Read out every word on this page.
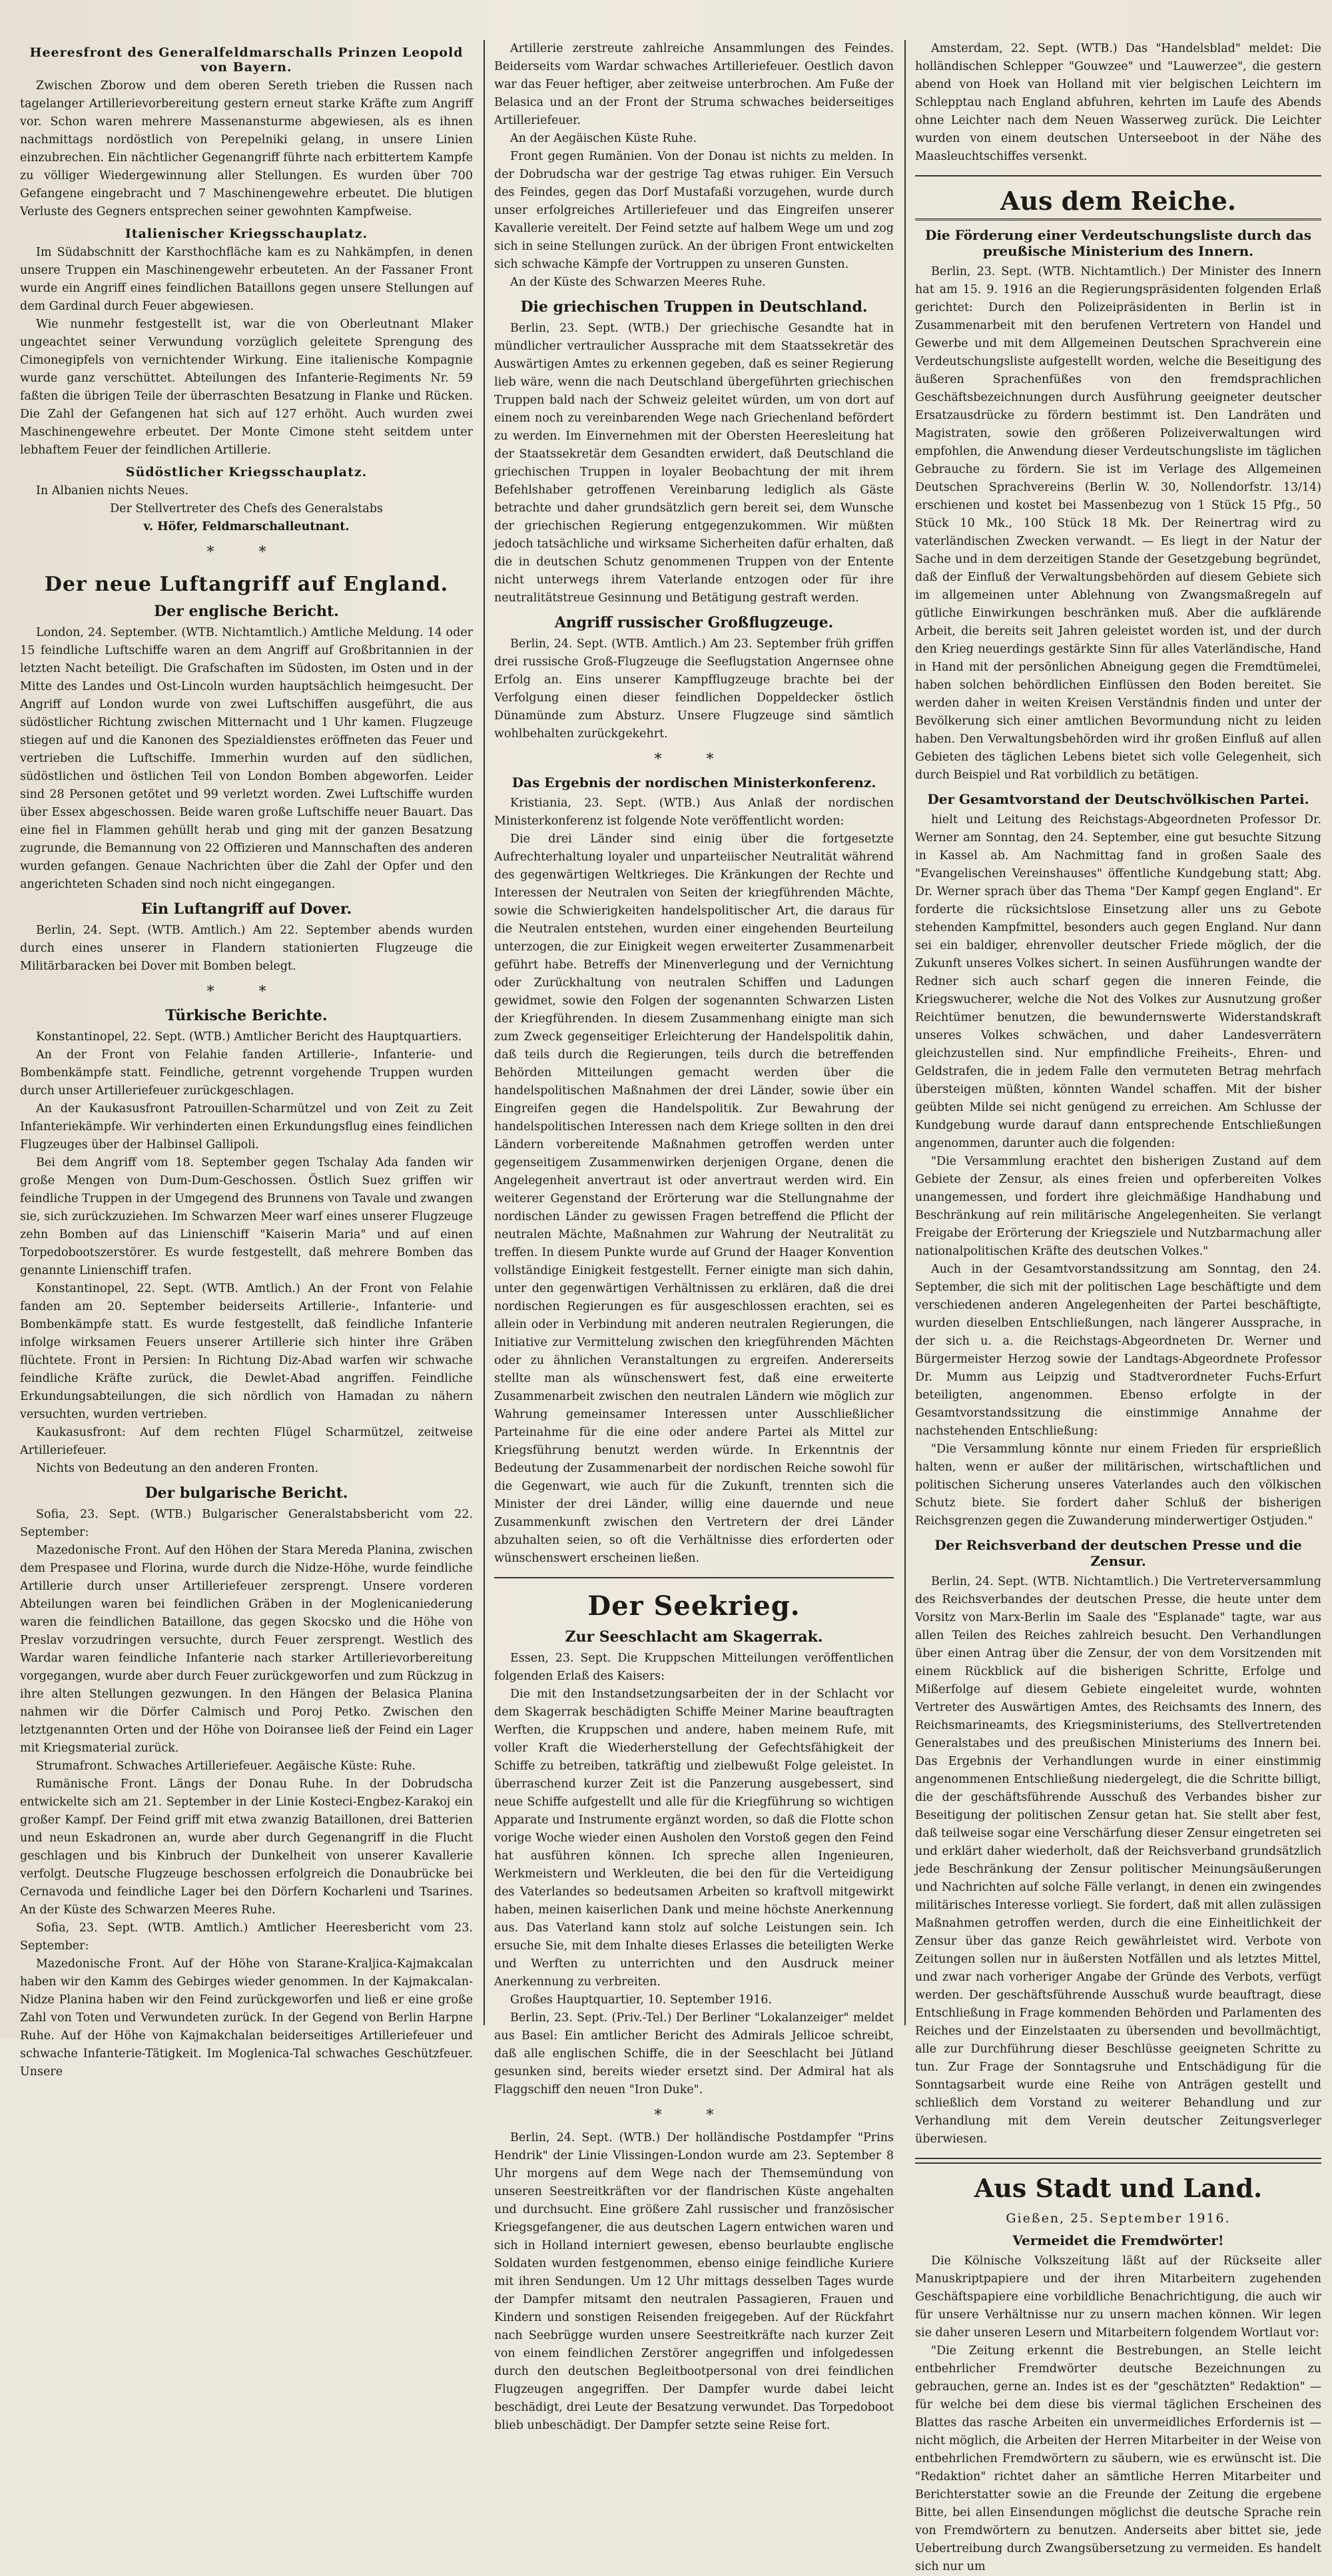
Heeresfront des Generalfeldmarschalls Prinzen Leopold von Bayern.

Zwischen Zborow und dem oberen Sereth trieben die Russen nach tagelanger Artillerievorbereitung gestern erneut starke Kräfte zum Angriff vor. Schon waren mehrere Massenansturme abgewiesen, als es ihnen nachmittags nordöstlich von Perepelniki gelang, in unsere Linien einzubrechen. Ein nächtlicher Gegenangriff führte nach erbittertem Kampfe zu völliger Wiedergewinnung aller Stellungen. Es wurden über 700 Gefangene eingebracht und 7 Maschinengewehre erbeutet. Die blutigen Verluste des Gegners entsprechen seiner gewohnten Kampfweise.

Italienischer Kriegsschauplatz.

Im Südabschnitt der Karsthochfläche kam es zu Nahkämpfen, in denen unsere Truppen ein Maschinengewehr erbeuteten. An der Fassaner Front wurde ein Angriff eines feindlichen Bataillons gegen unsere Stellungen auf dem Gardinal durch Feuer abgewiesen.

Wie nunmehr festgestellt ist, war die von Oberleutnant Mlaker ungeachtet seiner Verwundung vorzüglich geleitete Sprengung des Cimonegipfels von vernichtender Wirkung. Eine italienische Kompagnie wurde ganz verschüttet. Abteilungen des Infanterie-Regiments Nr. 59 faßten die übrigen Teile der überraschten Besatzung in Flanke und Rücken. Die Zahl der Gefangenen hat sich auf 127 erhöht. Auch wurden zwei Maschinengewehre erbeutet. Der Monte Cimone steht seitdem unter lebhaftem Feuer der feindlichen Artillerie.

Südöstlicher Kriegsschauplatz.

In Albanien nichts Neues.

Der Stellvertreter des Chefs des Generalstabs

v. Höfer, Feldmarschalleutnant.

* *
Der neue Luftangriff auf England.
Der englische Bericht.

London, 24. September. (WTB. Nichtamtlich.) Amtliche Meldung. 14 oder 15 feindliche Luftschiffe waren an dem Angriff auf Großbritannien in der letzten Nacht beteiligt. Die Grafschaften im Südosten, im Osten und in der Mitte des Landes und Ost-Lincoln wurden hauptsächlich heimgesucht. Der Angriff auf London wurde von zwei Luftschiffen ausgeführt, die aus südöstlicher Richtung zwischen Mitternacht und 1 Uhr kamen. Flugzeuge stiegen auf und die Kanonen des Spezialdienstes eröffneten das Feuer und vertrieben die Luftschiffe. Immerhin wurden auf den südlichen, südöstlichen und östlichen Teil von London Bomben abgeworfen. Leider sind 28 Personen getötet und 99 verletzt worden. Zwei Luftschiffe wurden über Essex abgeschossen. Beide waren große Luftschiffe neuer Bauart. Das eine fiel in Flammen gehüllt herab und ging mit der ganzen Besatzung zugrunde, die Bemannung von 22 Offizieren und Mannschaften des anderen wurden gefangen. Genaue Nachrichten über die Zahl der Opfer und den angerichteten Schaden sind noch nicht eingegangen.

Ein Luftangriff auf Dover.

Berlin, 24. Sept. (WTB. Amtlich.) Am 22. September abends wurden durch eines unserer in Flandern stationierten Flugzeuge die Militärbaracken bei Dover mit Bomben belegt.

* *
Türkische Berichte.

Konstantinopel, 22. Sept. (WTB.) Amtlicher Bericht des Hauptquartiers.

An der Front von Felahie fanden Artillerie-, Infanterie- und Bombenkämpfe statt. Feindliche, getrennt vorgehende Truppen wurden durch unser Artilleriefeuer zurückgeschlagen.

An der Kaukasusfront Patrouillen-Scharmützel und von Zeit zu Zeit Infanteriekämpfe. Wir verhinderten einen Erkundungsflug eines feindlichen Flugzeuges über der Halbinsel Gallipoli.

Bei dem Angriff vom 18. September gegen Tschalay Ada fanden wir große Mengen von Dum-Dum-Geschossen. Östlich Suez griffen wir feindliche Truppen in der Umgegend des Brunnens von Tavale und zwangen sie, sich zurückzuziehen. Im Schwarzen Meer warf eines unserer Flugzeuge zehn Bomben auf das Linienschiff "Kaiserin Maria" und auf einen Torpedobootszerstörer. Es wurde festgestellt, daß mehrere Bomben das genannte Linienschiff trafen.

Konstantinopel, 22. Sept. (WTB. Amtlich.) An der Front von Felahie fanden am 20. September beiderseits Artillerie-, Infanterie- und Bombenkämpfe statt. Es wurde festgestellt, daß feindliche Infanterie infolge wirksamen Feuers unserer Artillerie sich hinter ihre Gräben flüchtete. Front in Persien: In Richtung Diz-Abad warfen wir schwache feindliche Kräfte zurück, die Dewlet-Abad angriffen. Feindliche Erkundungsabteilungen, die sich nördlich von Hamadan zu nähern versuchten, wurden vertrieben.

Kaukasusfront: Auf dem rechten Flügel Scharmützel, zeitweise Artilleriefeuer.

Nichts von Bedeutung an den anderen Fronten.

Der bulgarische Bericht.

Sofia, 23. Sept. (WTB.) Bulgarischer Generalstabsbericht vom 22. September:

Mazedonische Front. Auf den Höhen der Stara Mereda Planina, zwischen dem Prespasee und Florina, wurde durch die Nidze-Höhe, wurde feindliche Artillerie durch unser Artilleriefeuer zersprengt. Unsere vorderen Abteilungen waren bei feindlichen Gräben in der Moglenicaniederung waren die feindlichen Bataillone, das gegen Skocsko und die Höhe von Preslav vorzudringen versuchte, durch Feuer zersprengt. Westlich des Wardar waren feindliche Infanterie nach starker Artillerievorbereitung vorgegangen, wurde aber durch Feuer zurückgeworfen und zum Rückzug in ihre alten Stellungen gezwungen. In den Hängen der Belasica Planina nahmen wir die Dörfer Calmisch und Poroj Petko. Zwischen den letztgenannten Orten und der Höhe von Doiransee ließ der Feind ein Lager mit Kriegsmaterial zurück.

Strumafront. Schwaches Artilleriefeuer. Aegäische Küste: Ruhe.

Rumänische Front. Längs der Donau Ruhe. In der Dobrudscha entwickelte sich am 21. September in der Linie Kosteci-Engbez-Karakoj ein großer Kampf. Der Feind griff mit etwa zwanzig Bataillonen, drei Batterien und neun Eskadronen an, wurde aber durch Gegenangriff in die Flucht geschlagen und bis Kinbruch der Dunkelheit von unserer Kavallerie verfolgt. Deutsche Flugzeuge beschossen erfolgreich die Donaubrücke bei Cernavoda und feindliche Lager bei den Dörfern Kocharleni und Tsarines. An der Küste des Schwarzen Meeres Ruhe.

Sofia, 23. Sept. (WTB. Amtlich.) Amtlicher Heeresbericht vom 23. September:

Mazedonische Front. Auf der Höhe von Starane-Kraljica-Kajmakcalan haben wir den Kamm des Gebirges wieder genommen. In der Kajmakcalan-Nidze Planina haben wir den Feind zurückgeworfen und ließ er eine große Zahl von Toten und Verwundeten zurück. In der Gegend von Berlin Harpne Ruhe. Auf der Höhe von Kajmakchalan beiderseitiges Artilleriefeuer und schwache Infanterie-Tätigkeit. Im Moglenica-Tal schwaches Geschützfeuer. Unsere

Artillerie zerstreute zahlreiche Ansammlungen des Feindes. Beiderseits vom Wardar schwaches Artilleriefeuer. Oestlich davon war das Feuer heftiger, aber zeitweise unterbrochen. Am Fuße der Belasica und an der Front der Struma schwaches beiderseitiges Artilleriefeuer.

An der Aegäischen Küste Ruhe.

Front gegen Rumänien. Von der Donau ist nichts zu melden. In der Dobrudscha war der gestrige Tag etwas ruhiger. Ein Versuch des Feindes, gegen das Dorf Mustafaßi vorzugehen, wurde durch unser erfolgreiches Artilleriefeuer und das Eingreifen unserer Kavallerie vereitelt. Der Feind setzte auf halbem Wege um und zog sich in seine Stellungen zurück. An der übrigen Front entwickelten sich schwache Kämpfe der Vortruppen zu unseren Gunsten.

An der Küste des Schwarzen Meeres Ruhe.

Die griechischen Truppen in Deutschland.

Berlin, 23. Sept. (WTB.) Der griechische Gesandte hat in mündlicher vertraulicher Aussprache mit dem Staatssekretär des Auswärtigen Amtes zu erkennen gegeben, daß es seiner Regierung lieb wäre, wenn die nach Deutschland übergeführten griechischen Truppen bald nach der Schweiz geleitet würden, um von dort auf einem noch zu vereinbarenden Wege nach Griechenland befördert zu werden. Im Einvernehmen mit der Obersten Heeresleitung hat der Staatssekretär dem Gesandten erwidert, daß Deutschland die griechischen Truppen in loyaler Beobachtung der mit ihrem Befehlshaber getroffenen Vereinbarung lediglich als Gäste betrachte und daher grundsätzlich gern bereit sei, dem Wunsche der griechischen Regierung entgegenzukommen. Wir müßten jedoch tatsächliche und wirksame Sicherheiten dafür erhalten, daß die in deutschen Schutz genommenen Truppen von der Entente nicht unterwegs ihrem Vaterlande entzogen oder für ihre neutralitätstreue Gesinnung und Betätigung gestraft werden.

Angriff russischer Großflugzeuge.

Berlin, 24. Sept. (WTB. Amtlich.) Am 23. September früh griffen drei russische Groß-Flugzeuge die Seeflugstation Angernsee ohne Erfolg an. Eins unserer Kampfflugzeuge brachte bei der Verfolgung einen dieser feindlichen Doppeldecker östlich Dünamünde zum Absturz. Unsere Flugzeuge sind sämtlich wohlbehalten zurückgekehrt.

* *
Das Ergebnis der nordischen Ministerkonferenz.

Kristiania, 23. Sept. (WTB.) Aus Anlaß der nordischen Ministerkonferenz ist folgende Note veröffentlicht worden:

Die drei Länder sind einig über die fortgesetzte Aufrechterhaltung loyaler und unparteiischer Neutralität während des gegenwärtigen Weltkrieges. Die Kränkungen der Rechte und Interessen der Neutralen von Seiten der kriegführenden Mächte, sowie die Schwierigkeiten handelspolitischer Art, die daraus für die Neutralen entstehen, wurden einer eingehenden Beurteilung unterzogen, die zur Einigkeit wegen erweiterter Zusammenarbeit geführt habe. Betreffs der Minenverlegung und der Vernichtung oder Zurückhaltung von neutralen Schiffen und Ladungen gewidmet, sowie den Folgen der sogenannten Schwarzen Listen der Kriegführenden. In diesem Zusammenhang einigte man sich zum Zweck gegenseitiger Erleichterung der Handelspolitik dahin, daß teils durch die Regierungen, teils durch die betreffenden Behörden Mitteilungen gemacht werden über die handelspolitischen Maßnahmen der drei Länder, sowie über ein Eingreifen gegen die Handelspolitik. Zur Bewahrung der handelspolitischen Interessen nach dem Kriege sollten in den drei Ländern vorbereitende Maßnahmen getroffen werden unter gegenseitigem Zusammenwirken derjenigen Organe, denen die Angelegenheit anvertraut ist oder anvertraut werden wird. Ein weiterer Gegenstand der Erörterung war die Stellungnahme der nordischen Länder zu gewissen Fragen betreffend die Pflicht der neutralen Mächte, Maßnahmen zur Wahrung der Neutralität zu treffen. In diesem Punkte wurde auf Grund der Haager Konvention vollständige Einigkeit festgestellt. Ferner einigte man sich dahin, unter den gegenwärtigen Verhältnissen zu erklären, daß die drei nordischen Regierungen es für ausgeschlossen erachten, sei es allein oder in Verbindung mit anderen neutralen Regierungen, die Initiative zur Vermittelung zwischen den kriegführenden Mächten oder zu ähnlichen Veranstaltungen zu ergreifen. Andererseits stellte man als wünschenswert fest, daß eine erweiterte Zusammenarbeit zwischen den neutralen Ländern wie möglich zur Wahrung gemeinsamer Interessen unter Ausschließlicher Parteinahme für die eine oder andere Partei als Mittel zur Kriegsführung benutzt werden würde. In Erkenntnis der Bedeutung der Zusammenarbeit der nordischen Reiche sowohl für die Gegenwart, wie auch für die Zukunft, trennten sich die Minister der drei Länder, willig eine dauernde und neue Zusammenkunft zwischen den Vertretern der drei Länder abzuhalten seien, so oft die Verhältnisse dies erforderten oder wünschenswert erscheinen ließen.

Der Seekrieg.
Zur Seeschlacht am Skagerrak.

Essen, 23. Sept. Die Kruppschen Mitteilungen veröffentlichen folgenden Erlaß des Kaisers:

Die mit den Instandsetzungsarbeiten der in der Schlacht vor dem Skagerrak beschädigten Schiffe Meiner Marine beauftragten Werften, die Kruppschen und andere, haben meinem Rufe, mit voller Kraft die Wiederherstellung der Gefechtsfähigkeit der Schiffe zu betreiben, tatkräftig und zielbewußt Folge geleistet. In überraschend kurzer Zeit ist die Panzerung ausgebessert, sind neue Schiffe aufgestellt und alle für die Kriegführung so wichtigen Apparate und Instrumente ergänzt worden, so daß die Flotte schon vorige Woche wieder einen Ausholen den Vorstoß gegen den Feind hat ausführen können. Ich spreche allen Ingenieuren, Werkmeistern und Werkleuten, die bei den für die Verteidigung des Vaterlandes so bedeutsamen Arbeiten so kraftvoll mitgewirkt haben, meinen kaiserlichen Dank und meine höchste Anerkennung aus. Das Vaterland kann stolz auf solche Leistungen sein. Ich ersuche Sie, mit dem Inhalte dieses Erlasses die beteiligten Werke und Werften zu unterrichten und den Ausdruck meiner Anerkennung zu verbreiten.

Großes Hauptquartier, 10. September 1916.

Berlin, 23. Sept. (Priv.-Tel.) Der Berliner "Lokalanzeiger" meldet aus Basel: Ein amtlicher Bericht des Admirals Jellicoe schreibt, daß alle englischen Schiffe, die in der Seeschlacht bei Jütland gesunken sind, bereits wieder ersetzt sind. Der Admiral hat als Flaggschiff den neuen "Iron Duke".

* *

Berlin, 24. Sept. (WTB.) Der holländische Postdampfer "Prins Hendrik" der Linie Vlissingen-London wurde am 23. September 8 Uhr morgens auf dem Wege nach der Themsemündung von unseren Seestreitkräften vor der flandrischen Küste angehalten und durchsucht. Eine größere Zahl russischer und französischer Kriegsgefangener, die aus deutschen Lagern entwichen waren und sich in Holland interniert gewesen, ebenso beurlaubte englische Soldaten wurden festgenommen, ebenso einige feindliche Kuriere mit ihren Sendungen. Um 12 Uhr mittags desselben Tages wurde der Dampfer mitsamt den neutralen Passagieren, Frauen und Kindern und sonstigen Reisenden freigegeben. Auf der Rückfahrt nach Seebrügge wurden unsere Seestreitkräfte nach kurzer Zeit von einem feindlichen Zerstörer angegriffen und infolgedessen durch den deutschen Begleitbootpersonal von drei feindlichen Flugzeugen angegriffen. Der Dampfer wurde dabei leicht beschädigt, drei Leute der Besatzung verwundet. Das Torpedoboot blieb unbeschädigt. Der Dampfer setzte seine Reise fort.

Amsterdam, 22. Sept. (WTB.) Das "Handelsblad" meldet: Die holländischen Schlepper "Gouwzee" und "Lauwerzee", die gestern abend von Hoek van Holland mit vier belgischen Leichtern im Schlepptau nach England abfuhren, kehrten im Laufe des Abends ohne Leichter nach dem Neuen Wasserweg zurück. Die Leichter wurden von einem deutschen Unterseeboot in der Nähe des Maasleuchtschiffes versenkt.

Aus dem Reiche.
Die Förderung einer Verdeutschungsliste durch das preußische Ministerium des Innern.

Berlin, 23. Sept. (WTB. Nichtamtlich.) Der Minister des Innern hat am 15. 9. 1916 an die Regierungspräsidenten folgenden Erlaß gerichtet: Durch den Polizeipräsidenten in Berlin ist in Zusammenarbeit mit den berufenen Vertretern von Handel und Gewerbe und mit dem Allgemeinen Deutschen Sprachverein eine Verdeutschungsliste aufgestellt worden, welche die Beseitigung des äußeren Sprachenfüßes von den fremdsprachlichen Geschäftsbezeichnungen durch Ausführung geeigneter deutscher Ersatzausdrücke zu fördern bestimmt ist. Den Landräten und Magistraten, sowie den größeren Polizeiverwaltungen wird empfohlen, die Anwendung dieser Verdeutschungsliste im täglichen Gebrauche zu fördern. Sie ist im Verlage des Allgemeinen Deutschen Sprachvereins (Berlin W. 30, Nollendorfstr. 13/14) erschienen und kostet bei Massenbezug von 1 Stück 15 Pfg., 50 Stück 10 Mk., 100 Stück 18 Mk. Der Reinertrag wird zu vaterländischen Zwecken verwandt. — Es liegt in der Natur der Sache und in dem derzeitigen Stande der Gesetzgebung begründet, daß der Einfluß der Verwaltungsbehörden auf diesem Gebiete sich im allgemeinen unter Ablehnung von Zwangsmaßregeln auf gütliche Einwirkungen beschränken muß. Aber die aufklärende Arbeit, die bereits seit Jahren geleistet worden ist, und der durch den Krieg neuerdings gestärkte Sinn für alles Vaterländische, Hand in Hand mit der persönlichen Abneigung gegen die Fremdtümelei, haben solchen behördlichen Einflüssen den Boden bereitet. Sie werden daher in weiten Kreisen Verständnis finden und unter der Bevölkerung sich einer amtlichen Bevormundung nicht zu leiden haben. Den Verwaltungsbehörden wird ihr großen Einfluß auf allen Gebieten des täglichen Lebens bietet sich volle Gelegenheit, sich durch Beispiel und Rat vorbildlich zu betätigen.

Der Gesamtvorstand der Deutschvölkischen Partei.

hielt und Leitung des Reichstags-Abgeordneten Professor Dr. Werner am Sonntag, den 24. September, eine gut besuchte Sitzung in Kassel ab. Am Nachmittag fand in großen Saale des "Evangelischen Vereinshauses" öffentliche Kundgebung statt; Abg. Dr. Werner sprach über das Thema "Der Kampf gegen England". Er forderte die rücksichtslose Einsetzung aller uns zu Gebote stehenden Kampfmittel, besonders auch gegen England. Nur dann sei ein baldiger, ehrenvoller deutscher Friede möglich, der die Zukunft unseres Volkes sichert. In seinen Ausführungen wandte der Redner sich auch scharf gegen die inneren Feinde, die Kriegswucherer, welche die Not des Volkes zur Ausnutzung großer Reichtümer benutzen, die bewundernswerte Widerstandskraft unseres Volkes schwächen, und daher Landesverrätern gleichzustellen sind. Nur empfindliche Freiheits-, Ehren- und Geldstrafen, die in jedem Falle den vermuteten Betrag mehrfach übersteigen müßten, könnten Wandel schaffen. Mit der bisher geübten Milde sei nicht genügend zu erreichen. Am Schlusse der Kundgebung wurde darauf dann entsprechende Entschließungen angenommen, darunter auch die folgenden:

"Die Versammlung erachtet den bisherigen Zustand auf dem Gebiete der Zensur, als eines freien und opferbereiten Volkes unangemessen, und fordert ihre gleichmäßige Handhabung und Beschränkung auf rein militärische Angelegenheiten. Sie verlangt Freigabe der Erörterung der Kriegsziele und Nutzbarmachung aller nationalpolitischen Kräfte des deutschen Volkes."

Auch in der Gesamtvorstandssitzung am Sonntag, den 24. September, die sich mit der politischen Lage beschäftigte und dem verschiedenen anderen Angelegenheiten der Partei beschäftigte, wurden dieselben Entschließungen, nach längerer Aussprache, in der sich u. a. die Reichstags-Abgeordneten Dr. Werner und Bürgermeister Herzog sowie der Landtags-Abgeordnete Professor Dr. Mumm aus Leipzig und Stadtverordneter Fuchs-Erfurt beteiligten, angenommen. Ebenso erfolgte in der Gesamtvorstandssitzung die einstimmige Annahme der nachstehenden Entschließung:

"Die Versammlung könnte nur einem Frieden für ersprießlich halten, wenn er außer der militärischen, wirtschaftlichen und politischen Sicherung unseres Vaterlandes auch den völkischen Schutz biete. Sie fordert daher Schluß der bisherigen Reichsgrenzen gegen die Zuwanderung minderwertiger Ostjuden."

Der Reichsverband der deutschen Presse und die Zensur.

Berlin, 24. Sept. (WTB. Nichtamtlich.) Die Vertreterversammlung des Reichsverbandes der deutschen Presse, die heute unter dem Vorsitz von Marx-Berlin im Saale des "Esplanade" tagte, war aus allen Teilen des Reiches zahlreich besucht. Den Verhandlungen über einen Antrag über die Zensur, der von dem Vorsitzenden mit einem Rückblick auf die bisherigen Schritte, Erfolge und Mißerfolge auf diesem Gebiete eingeleitet wurde, wohnten Vertreter des Auswärtigen Amtes, des Reichsamts des Innern, des Reichsmarineamts, des Kriegsministeriums, des Stellvertretenden Generalstabes und des preußischen Ministeriums des Innern bei. Das Ergebnis der Verhandlungen wurde in einer einstimmig angenommenen Entschließung niedergelegt, die die Schritte billigt, die der geschäftsführende Ausschuß des Verbandes bisher zur Beseitigung der politischen Zensur getan hat. Sie stellt aber fest, daß teilweise sogar eine Verschärfung dieser Zensur eingetreten sei und erklärt daher wiederholt, daß der Reichsverband grundsätzlich jede Beschränkung der Zensur politischer Meinungsäußerungen und Nachrichten auf solche Fälle verlangt, in denen ein zwingendes militärisches Interesse vorliegt. Sie fordert, daß mit allen zulässigen Maßnahmen getroffen werden, durch die eine Einheitlichkeit der Zensur über das ganze Reich gewährleistet wird. Verbote von Zeitungen sollen nur in äußersten Notfällen und als letztes Mittel, und zwar nach vorheriger Angabe der Gründe des Verbots, verfügt werden. Der geschäftsführende Ausschuß wurde beauftragt, diese Entschließung in Frage kommenden Behörden und Parlamenten des Reiches und der Einzelstaaten zu übersenden und bevollmächtigt, alle zur Durchführung dieser Beschlüsse geeigneten Schritte zu tun. Zur Frage der Sonntagsruhe und Entschädigung für die Sonntagsarbeit wurde eine Reihe von Anträgen gestellt und schließlich dem Vorstand zu weiterer Behandlung und zur Verhandlung mit dem Verein deutscher Zeitungsverleger überwiesen.

Aus Stadt und Land.
Gießen, 25. September 1916.
Vermeidet die Fremdwörter!

Die Kölnische Volkszeitung läßt auf der Rückseite aller Manuskriptpapiere und der ihren Mitarbeitern zugehenden Geschäftspapiere eine vorbildliche Benachrichtigung, die auch wir für unsere Verhältnisse nur zu unsern machen können. Wir legen sie daher unseren Lesern und Mitarbeitern folgendem Wortlaut vor:

"Die Zeitung erkennt die Bestrebungen, an Stelle leicht entbehrlicher Fremdwörter deutsche Bezeichnungen zu gebrauchen, gerne an. Indes ist es der "geschätzten" Redaktion" — für welche bei dem diese bis viermal täglichen Erscheinen des Blattes das rasche Arbeiten ein unvermeidliches Erfordernis ist — nicht möglich, die Arbeiten der Herren Mitarbeiter in der Weise von entbehrlichen Fremdwörtern zu säubern, wie es erwünscht ist. Die "Redaktion" richtet daher an sämtliche Herren Mitarbeiter und Berichterstatter sowie an die Freunde der Zeitung die ergebene Bitte, bei allen Einsendungen möglichst die deutsche Sprache rein von Fremdwörtern zu benutzen. Anderseits aber bittet sie, jede Uebertreibung durch Zwangsübersetzung zu vermeiden. Es handelt sich nur um
